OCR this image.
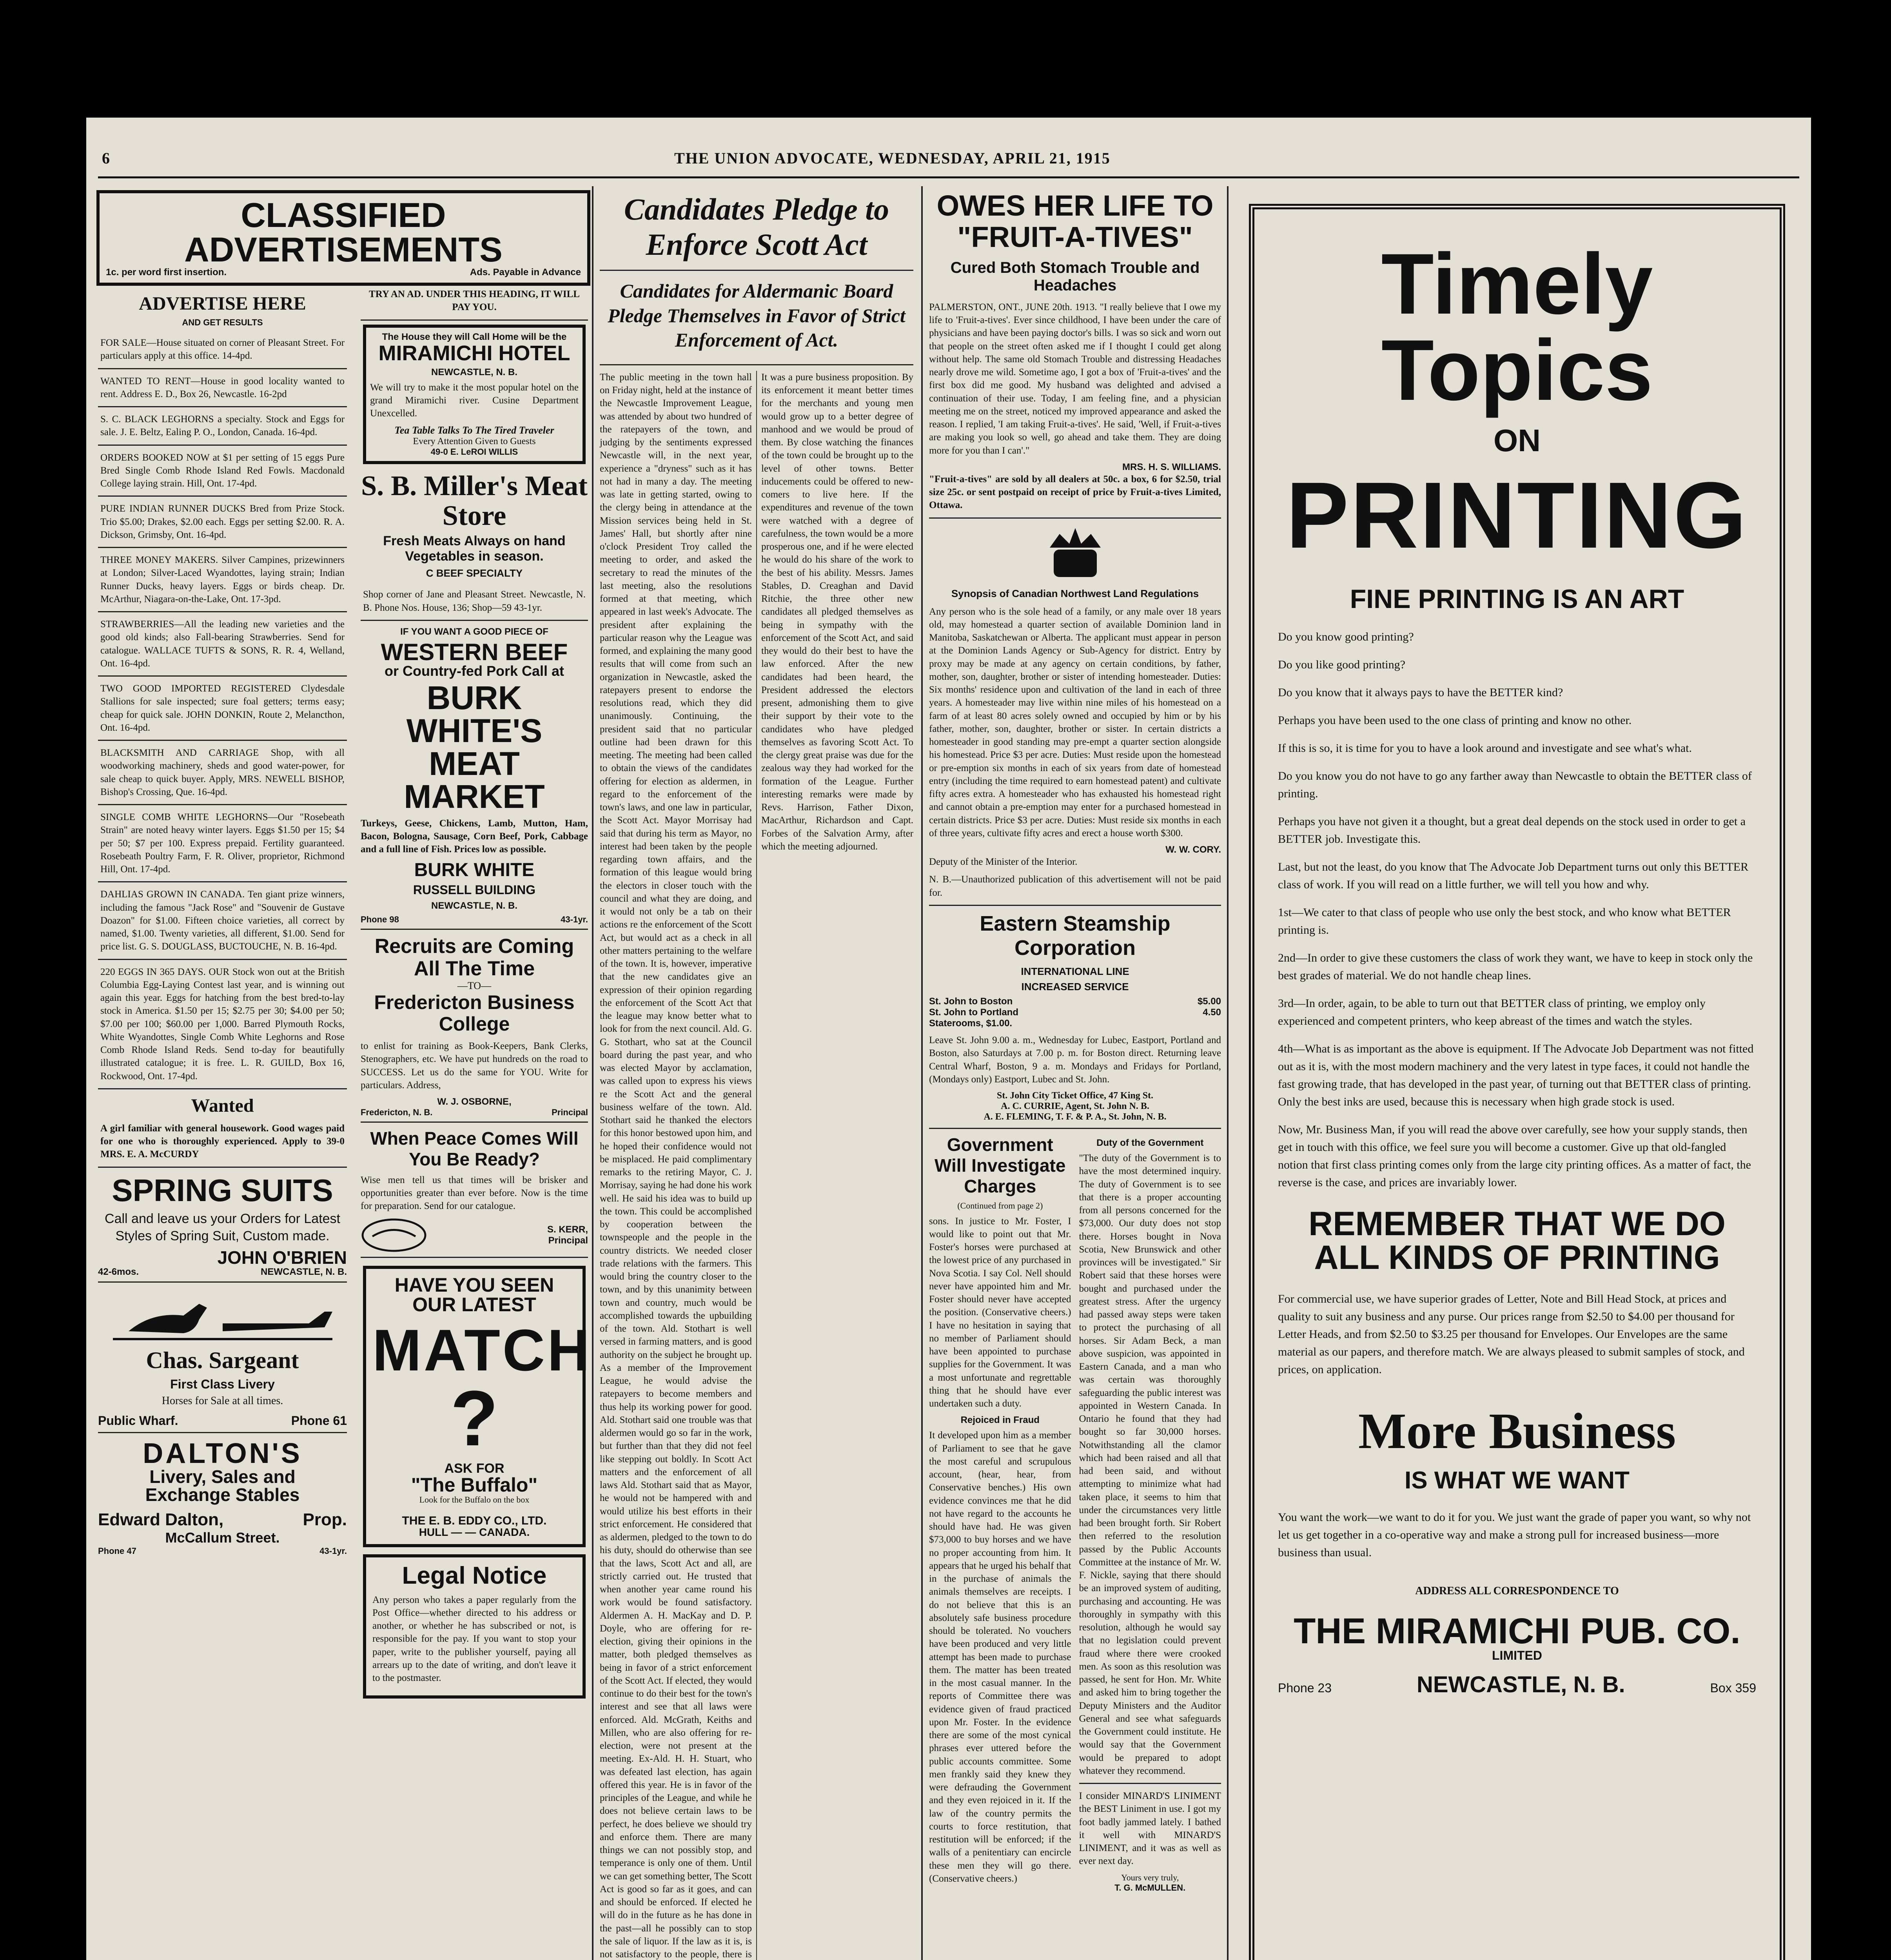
6	THE UNION ADVOCATE, WEDNESDAY, APRIL 21, 1915
CLASSIFIED ADVERTISEMENTS
1c. per word first insertion.	Ads. Payable in Advance
ADVERTISE HERE
AND GET RESULTS
FOR SALE—House situated on corner of Pleasant Street. For particulars apply at this office. 14-4pd.
WANTED TO RENT—House in good locality wanted to rent. Address E. D., Box 26, Newcastle. 16-2pd
S. C. BLACK LEGHORNS a specialty. Stock and Eggs for sale. J. E. Beltz, Ealing P. O., London, Canada. 16-4pd.
ORDERS BOOKED NOW at $1 per setting of 15 eggs Pure Bred Single Comb Rhode Island Red Fowls. Macdonald College laying strain. Hill, Ont. 17-4pd.
PURE INDIAN RUNNER DUCKS Bred from Prize Stock. Trio $5.00; Drakes, $2.00 each. Eggs per setting $2.00. R. A. Dickson, Grimsby, Ont. 16-4pd.
THREE MONEY MAKERS. Silver Campines, prizewinners at London; Silver-Laced Wyandottes, laying strain; Indian Runner Ducks, heavy layers. Eggs or birds cheap. Dr. McArthur, Niagara-on-the-Lake, Ont. 17-3pd.
STRAWBERRIES—All the leading new varieties and the good old kinds; also Fall-bearing Strawberries. Send for catalogue. WALLACE TUFTS & SONS, R. R. 4, Welland, Ont. 16-4pd.
TWO GOOD IMPORTED REGISTERED Clydesdale Stallions for sale inspected; sure foal getters; terms easy; cheap for quick sale. JOHN DONKIN, Route 2, Melancthon, Ont. 16-4pd.
BLACKSMITH AND CARRIAGE Shop, with all woodworking machinery, sheds and good water-power, for sale cheap to quick buyer. Apply, MRS. NEWELL BISHOP, Bishop's Crossing, Que. 16-4pd.
SINGLE COMB WHITE LEGHORNS—Our "Rosebeath Strain" are noted heavy winter layers. Eggs $1.50 per 15; $4 per 50; $7 per 100. Express prepaid. Fertility guaranteed. Rosebeath Poultry Farm, F. R. Oliver, proprietor, Richmond Hill, Ont. 17-4pd.
DAHLIAS GROWN IN CANADA. Ten giant prize winners, including the famous "Jack Rose" and "Souvenir de Gustave Doazon" for $1.00. Fifteen choice varieties, all correct by named, $1.00. Twenty varieties, all different, $1.00. Send for price list. G. S. DOUGLASS, BUCTOUCHE, N. B. 16-4pd.
220 EGGS IN 365 DAYS. OUR Stock won out at the British Columbia Egg-Laying Contest last year, and is winning out again this year. Eggs for hatching from the best bred-to-lay stock in America. $1.50 per 15; $2.75 per 30; $4.00 per 50; $7.00 per 100; $60.00 per 1,000. Barred Plymouth Rocks, White Wyandottes, Single Comb White Leghorns and Rose Comb Rhode Island Reds. Send to-day for beautifully illustrated catalogue; it is free. L. R. GUILD, Box 16, Rockwood, Ont. 17-4pd.
Wanted
A girl familiar with general housework. Good wages paid for one who is thoroughly experienced. Apply to 39-0 MRS. E. A. McCURDY
SPRING SUITS
Call and leave us your Orders for Latest Styles of Spring Suit, Custom made.
JOHN O'BRIEN
42-6mos.	NEWCASTLE, N. B.
Chas. Sargeant
First Class Livery
Horses for Sale at all times.
Public Wharf.	Phone 61
DALTON'S
Livery, Sales and
Exchange Stables
Edward Dalton,	Prop.
McCallum Street.
Phone 47	43-1yr.
TRY AN AD. UNDER THIS HEADING, IT WILL PAY YOU.
The House they will Call Home will be the
MIRAMICHI HOTEL
NEWCASTLE, N. B.

We will try to make it the most popular hotel on the grand Miramichi river. Cusine Department Unexcelled.

Tea Table Talks To The Tired Traveler
Every Attention Given to Guests
49-0 E. LeROI WILLIS
S. B. Miller's Meat Store
Fresh Meats Always on hand Vegetables in season.
C BEEF SPECIALTY
Shop corner of Jane and Pleasant Street. Newcastle, N. B. Phone Nos. House, 136; Shop—59 43-1yr.
IF YOU WANT A GOOD PIECE OF
WESTERN BEEF
or Country-fed Pork Call at
BURK WHITE'S
MEAT MARKET

Turkeys, Geese, Chickens, Lamb, Mutton, Ham, Bacon, Bologna, Sausage, Corn Beef, Pork, Cabbage and a full line of Fish. Prices low as possible.

BURK WHITE
RUSSELL BUILDING
NEWCASTLE, N. B.
Phone 98	43-1yr.
Recruits are Coming All The Time
—TO—
Fredericton Business College

to enlist for training as Book-Keepers, Bank Clerks, Stenographers, etc. We have put hundreds on the road to SUCCESS. Let us do the same for YOU. Write for particulars. Address,

W. J. OSBORNE,
Fredericton, N. B.	Principal
When Peace Comes Will You Be Ready?

Wise men tell us that times will be brisker and opportunities greater than ever before. Now is the time for preparation. Send for our catalogue.

S. KERR,
Principal
HAVE YOU SEEN OUR LATEST
MATCH
?
ASK FOR
"The Buffalo"
Look for the Buffalo on the box
THE E. B. EDDY CO., LTD.
HULL — — CANADA.
Legal Notice

Any person who takes a paper regularly from the Post Office—whether directed to his address or another, or whether he has subscribed or not, is responsible for the pay. If you want to stop your paper, write to the publisher yourself, paying all arrears up to the date of writing, and don't leave it to the postmaster.

Candidates Pledge to Enforce Scott Act
Candidates for Aldermanic Board Pledge Themselves in Favor of Strict Enforcement of Act.

The public meeting in the town hall on Friday night, held at the instance of the Newcastle Improvement League, was attended by about two hundred of the ratepayers of the town, and judging by the sentiments expressed Newcastle will, in the next year, experience a "dryness" such as it has not had in many a day. The meeting was late in getting started, owing to the clergy being in attendance at the Mission services being held in St. James' Hall, but shortly after nine o'clock President Troy called the meeting to order, and asked the secretary to read the minutes of the last meeting, also the resolutions formed at that meeting, which appeared in last week's Advocate. The president after explaining the particular reason why the League was formed, and explaining the many good results that will come from such an organization in Newcastle, asked the ratepayers present to endorse the resolutions read, which they did unanimously. Continuing, the president said that no particular outline had been drawn for this meeting. The meeting had been called to obtain the views of the candidates offering for election as aldermen, in regard to the enforcement of the town's laws, and one law in particular, the Scott Act. Mayor Morrisay had said that during his term as Mayor, no interest had been taken by the people regarding town affairs, and the formation of this league would bring the electors in closer touch with the council and what they are doing, and it would not only be a tab on their actions re the enforcement of the Scott Act, but would act as a check in all other matters pertaining to the welfare of the town. It is, however, imperative that the new candidates give an expression of their opinion regarding the enforcement of the Scott Act that the league may know better what to look for from the next council. Ald. G. G. Stothart, who sat at the Council board during the past year, and who was elected Mayor by acclamation, was called upon to express his views re the Scott Act and the general business welfare of the town. Ald. Stothart said he thanked the electors for this honor bestowed upon him, and he hoped their confidence would not be misplaced. He paid complimentary remarks to the retiring Mayor, C. J. Morrisay, saying he had done his work well. He said his idea was to build up the town. This could be accomplished by cooperation between the townspeople and the people in the country districts. We needed closer trade relations with the farmers. This would bring the country closer to the town, and by this unanimity between town and country, much would be accomplished towards the upbuilding of the town. Ald. Stothart is well versed in farming matters, and is good authority on the subject he brought up. As a member of the Improvement League, he would advise the ratepayers to become members and thus help its working power for good. Ald. Stothart said one trouble was that aldermen would go so far in the work, but further than that they did not feel like stepping out boldly. In Scott Act matters and the enforcement of all laws Ald. Stothart said that as Mayor, he would not be hampered with and would utilize his best efforts in their strict enforcement. He considered that as aldermen, pledged to the town to do his duty, should do otherwise than see that the laws, Scott Act and all, are strictly carried out. He trusted that when another year came round his work would be found satisfactory. Aldermen A. H. MacKay and D. P. Doyle, who are offering for re-election, giving their opinions in the matter, both pledged themselves as being in favor of a strict enforcement of the Scott Act. If elected, they would continue to do their best for the town's interest and see that all laws were enforced. Ald. McGrath, Keiths and Millen, who are also offering for re-election, were not present at the meeting. Ex-Ald. H. H. Stuart, who was defeated last election, has again offered this year. He is in favor of the principles of the League, and while he does not believe certain laws to be perfect, he does believe we should try and enforce them. There are many things we can not possibly stop, and temperance is only one of them. Until we can get something better, The Scott Act is good so far as it goes, and can and should be enforced. If elected he will do in the future as he has done in the past—all he possibly can to stop the sale of liquor. If the law as it is, is not satisfactory to the people, there is It was a pure business proposition. By its enforcement it meant better times for the merchants and young men would grow up to a better degree of manhood and we would be proud of them. By close watching the finances of the town could be brought up to the level of other towns. Better inducements could be offered to new-comers to live here. If the expenditures and revenue of the town were watched with a degree of carefulness, the town would be a more prosperous one, and if he were elected he would do his share of the work to the best of his ability. Messrs. James Stables, D. Creaghan and David Ritchie, the three other new candidates all pledged themselves as being in sympathy with the enforcement of the Scott Act, and said they would do their best to have the law enforced. After the new candidates had been heard, the President addressed the electors present, admonishing them to give their support by their vote to the candidates who have pledged themselves as favoring Scott Act. To the clergy great praise was due for the zealous way they had worked for the formation of the League. Further interesting remarks were made by Revs. Harrison, Father Dixon, MacArthur, Richardson and Capt. Forbes of the Salvation Army, after which the meeting adjourned.

OWES HER LIFE TO "FRUIT-A-TIVES"
Cured Both Stomach Trouble and Headaches

PALMERSTON, ONT., JUNE 20th. 1913. "I really believe that I owe my life to 'Fruit-a-tives'. Ever since childhood, I have been under the care of physicians and have been paying doctor's bills. I was so sick and worn out that people on the street often asked me if I thought I could get along without help. The same old Stomach Trouble and distressing Headaches nearly drove me wild. Sometime ago, I got a box of 'Fruit-a-tives' and the first box did me good. My husband was delighted and advised a continuation of their use. Today, I am feeling fine, and a physician meeting me on the street, noticed my improved appearance and asked the reason. I replied, 'I am taking Fruit-a-tives'. He said, 'Well, if Fruit-a-tives are making you look so well, go ahead and take them. They are doing more for you than I can'."

MRS. H. S. WILLIAMS.

"Fruit-a-tives" are sold by all dealers at 50c. a box, 6 for $2.50, trial size 25c. or sent postpaid on receipt of price by Fruit-a-tives Limited, Ottawa.

Synopsis of Canadian Northwest Land Regulations

Any person who is the sole head of a family, or any male over 18 years old, may homestead a quarter section of available Dominion land in Manitoba, Saskatchewan or Alberta. The applicant must appear in person at the Dominion Lands Agency or Sub-Agency for district. Entry by proxy may be made at any agency on certain conditions, by father, mother, son, daughter, brother or sister of intending homesteader. Duties: Six months' residence upon and cultivation of the land in each of three years. A homesteader may live within nine miles of his homestead on a farm of at least 80 acres solely owned and occupied by him or by his father, mother, son, daughter, brother or sister. In certain districts a homesteader in good standing may pre-empt a quarter section alongside his homestead. Price $3 per acre. Duties: Must reside upon the homestead or pre-emption six months in each of six years from date of homestead entry (including the time required to earn homestead patent) and cultivate fifty acres extra. A homesteader who has exhausted his homestead right and cannot obtain a pre-emption may enter for a purchased homestead in certain districts. Price $3 per acre. Duties: Must reside six months in each of three years, cultivate fifty acres and erect a house worth $300.

W. W. CORY.

Deputy of the Minister of the Interior.

N. B.—Unauthorized publication of this advertisement will not be paid for.

Eastern Steamship Corporation
INTERNATIONAL LINE
INCREASED SERVICE
St. John to Boston	$5.00
St. John to Portland	4.50
Staterooms, $1.00.

Leave St. John 9.00 a. m., Wednesday for Lubec, Eastport, Portland and Boston, also Saturdays at 7.00 p. m. for Boston direct. Returning leave Central Wharf, Boston, 9 a. m. Mondays and Fridays for Portland, (Mondays only) Eastport, Lubec and St. John.

St. John City Ticket Office, 47 King St.
A. C. CURRIE, Agent, St. John N. B.
A. E. FLEMING, T. F. & P. A., St. John, N. B.
Government Will Investigate Charges
(Continued from page 2)

sons. In justice to Mr. Foster, I would like to point out that Mr. Foster's horses were purchased at the lowest price of any purchased in Nova Scotia. I say Col. Nell should never have appointed him and Mr. Foster should never have accepted the position. (Conservative cheers.) I have no hesitation in saying that no member of Parliament should have been appointed to purchase supplies for the Government. It was a most unfortunate and regrettable thing that he should have ever undertaken such a duty.

Rejoiced in Fraud

It developed upon him as a member of Parliament to see that he gave the most careful and scrupulous account, (hear, hear, from Conservative benches.) His own evidence convinces me that he did not have regard to the accounts he should have had. He was given $73,000 to buy horses and we have no proper accounting from him. It appears that he urged his behalf that in the purchase of animals the animals themselves are receipts. I do not believe that this is an absolutely safe business procedure should be tolerated. No vouchers have been produced and very little attempt has been made to purchase them. The matter has been treated in the most casual manner. In the reports of Committee there was evidence given of fraud practiced upon Mr. Foster. In the evidence there are some of the most cynical phrases ever uttered before the public accounts committee. Some men frankly said they knew they were defrauding the Government and they even rejoiced in it. If the law of the country permits the courts to force restitution, that restitution will be enforced; if the walls of a penitentiary can encircle these men they will go there. (Conservative cheers.)

Duty of the Government

"The duty of the Government is to have the most determined inquiry. The duty of Government is to see that there is a proper accounting from all persons concerned for the $73,000. Our duty does not stop there. Horses bought in Nova Scotia, New Brunswick and other provinces will be investigated." Sir Robert said that these horses were bought and purchased under the greatest stress. After the urgency had passed away steps were taken to protect the purchasing of all horses. Sir Adam Beck, a man above suspicion, was appointed in Eastern Canada, and a man who was certain was thoroughly safeguarding the public interest was appointed in Western Canada. In Ontario he found that they had bought so far 30,000 horses. Notwithstanding all the clamor which had been raised and all that had been said, and without attempting to minimize what had taken place, it seems to him that under the circumstances very little had been brought forth. Sir Robert then referred to the resolution passed by the Public Accounts Committee at the instance of Mr. W. F. Nickle, saying that there should be an improved system of auditing, purchasing and accounting. He was thoroughly in sympathy with this resolution, although he would say that no legislation could prevent fraud where there were crooked men. As soon as this resolution was passed, he sent for Hon. Mr. White and asked him to bring together the Deputy Ministers and the Auditor General and see what safeguards the Government could institute. He would say that the Government would be prepared to adopt whatever they recommend.

I consider MINARD'S LINIMENT the BEST Liniment in use. I got my foot badly jammed lately. I bathed it well with MINARD'S LINIMENT, and it was as well as ever next day.

Yours very truly,
T. G. McMULLEN.
Timely Topics
ON
PRINTING
FINE PRINTING IS AN ART
Do you know good printing?
Do you like good printing?
Do you know that it always pays to have the BETTER kind?
Perhaps you have been used to the one class of printing and know no other.
If this is so, it is time for you to have a look around and investigate and see what's what.
Do you know you do not have to go any farther away than Newcastle to obtain the BETTER class of printing.
Perhaps you have not given it a thought, but a great deal depends on the stock used in order to get a BETTER job. Investigate this.
Last, but not the least, do you know that The Advocate Job Department turns out only this BETTER class of work. If you will read on a little further, we will tell you how and why.
1st—We cater to that class of people who use only the best stock, and who know what BETTER printing is.
2nd—In order to give these customers the class of work they want, we have to keep in stock only the best grades of material. We do not handle cheap lines.
3rd—In order, again, to be able to turn out that BETTER class of printing, we employ only experienced and competent printers, who keep abreast of the times and watch the styles.
4th—What is as important as the above is equipment. If The Advocate Job Department was not fitted out as it is, with the most modern machinery and the very latest in type faces, it could not handle the fast growing trade, that has developed in the past year, of turning out that BETTER class of printing. Only the best inks are used, because this is necessary when high grade stock is used.
Now, Mr. Business Man, if you will read the above over carefully, see how your supply stands, then get in touch with this office, we feel sure you will become a customer. Give up that old-fangled notion that first class printing comes only from the large city printing offices. As a matter of fact, the reverse is the case, and prices are invariably lower.
REMEMBER THAT WE DO
ALL KINDS OF PRINTING
For commercial use, we have superior grades of Letter, Note and Bill Head Stock, at prices and quality to suit any business and any purse. Our prices range from $2.50 to $4.00 per thousand for Letter Heads, and from $2.50 to $3.25 per thousand for Envelopes. Our Envelopes are the same material as our papers, and therefore match. We are always pleased to submit samples of stock, and prices, on application.
More Business
IS WHAT WE WANT
You want the work—we want to do it for you. We just want the grade of paper you want, so why not let us get together in a co-operative way and make a strong pull for increased business—more business than usual.
ADDRESS ALL CORRESPONDENCE TO
THE MIRAMICHI PUB. CO.
LIMITED
Phone 23	NEWCASTLE, N. B.	Box 359
